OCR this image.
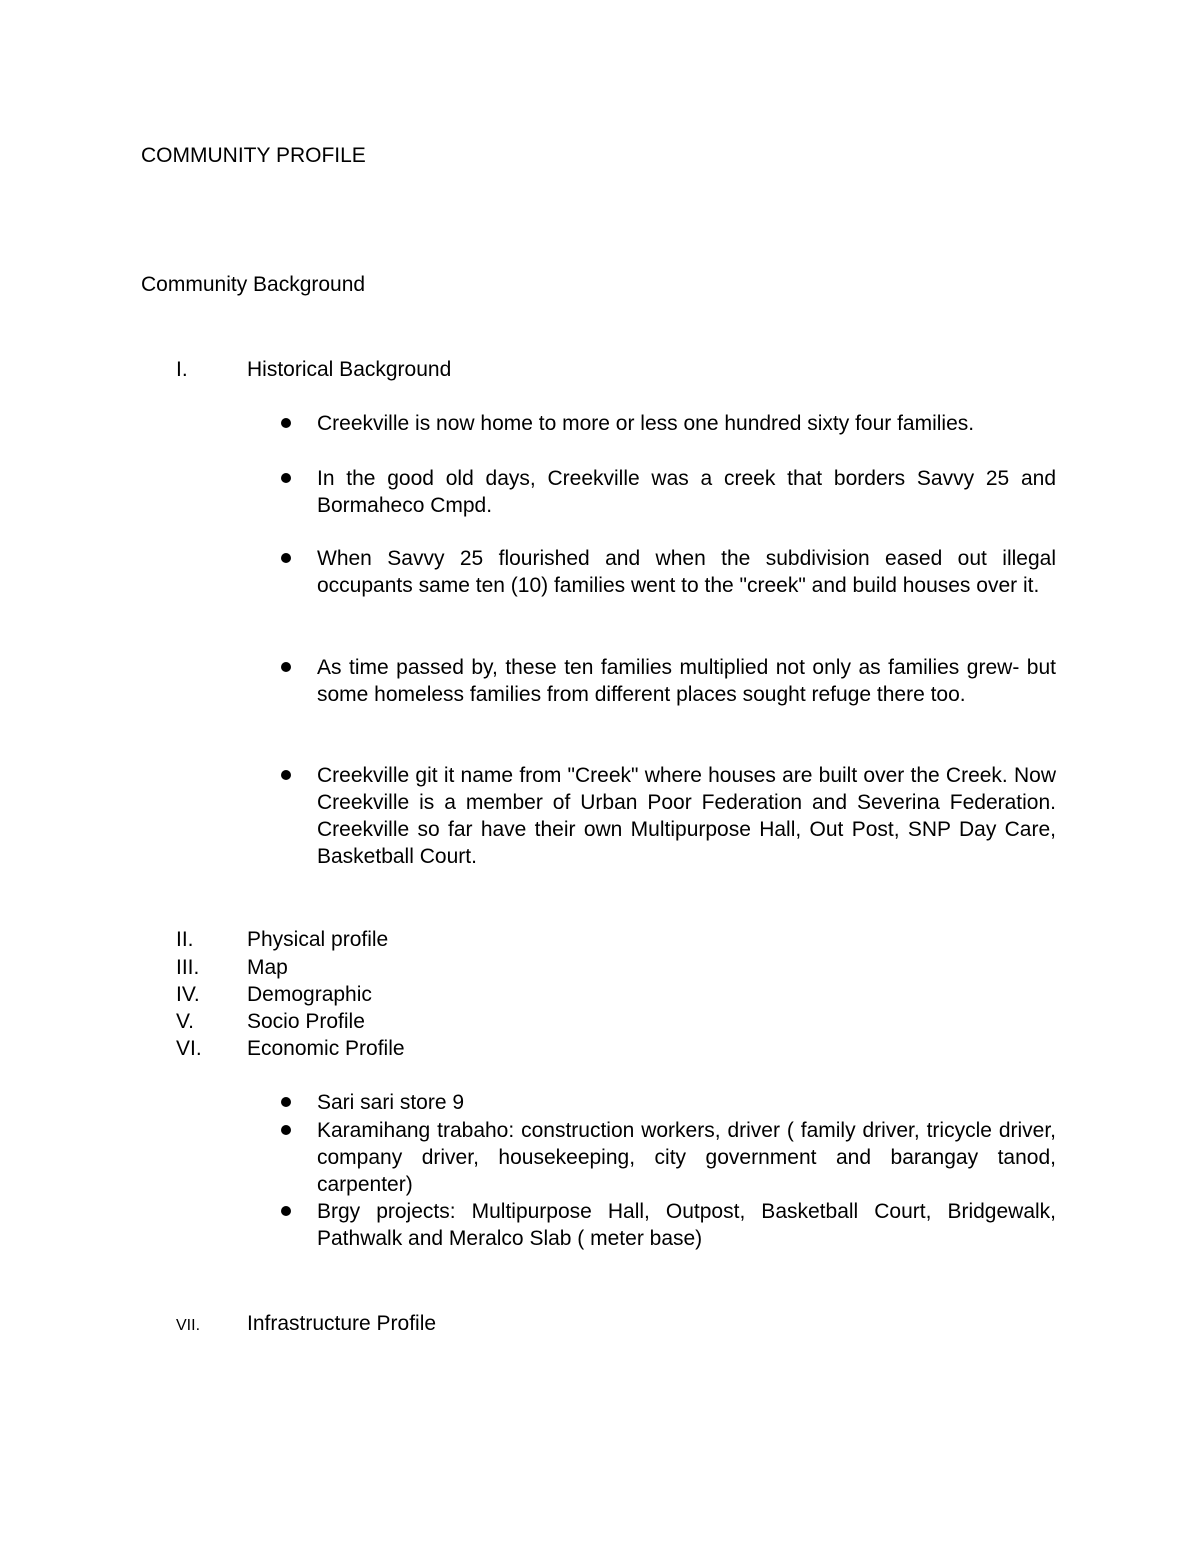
COMMUNITY PROFILE
Community Background
I.	Historical Background

Creekville is now home to more or less one hundred sixty four families.

In the good old days, Creekville was a creek that borders Savvy 25 and Bormaheco Cmpd.

When Savvy 25 flourished and when the subdivision eased out illegal occupants same ten (10) families went to the "creek" and build houses over it.

As time passed by, these ten families multiplied not only as families grew- but some homeless families from different places sought refuge there too.

Creekville git it name from "Creek" where houses are built over the Creek. Now Creekville is a member of Urban Poor Federation and Severina Federation. Creekville so far have their own Multipurpose Hall, Out Post, SNP Day Care, Basketball Court.

II.	Physical profile
III. Map
IV. Demographic
V.	Socio Profile
VI. Economic Profile

Sari sari store 9

Karamihang trabaho: construction workers, driver ( family driver, tricycle driver, company driver, housekeeping, city government and barangay tanod, carpenter)

Brgy projects: Multipurpose Hall, Outpost, Basketball Court, Bridgewalk, Pathwalk and Meralco Slab ( meter base)

VII. Infrastructure Profile
